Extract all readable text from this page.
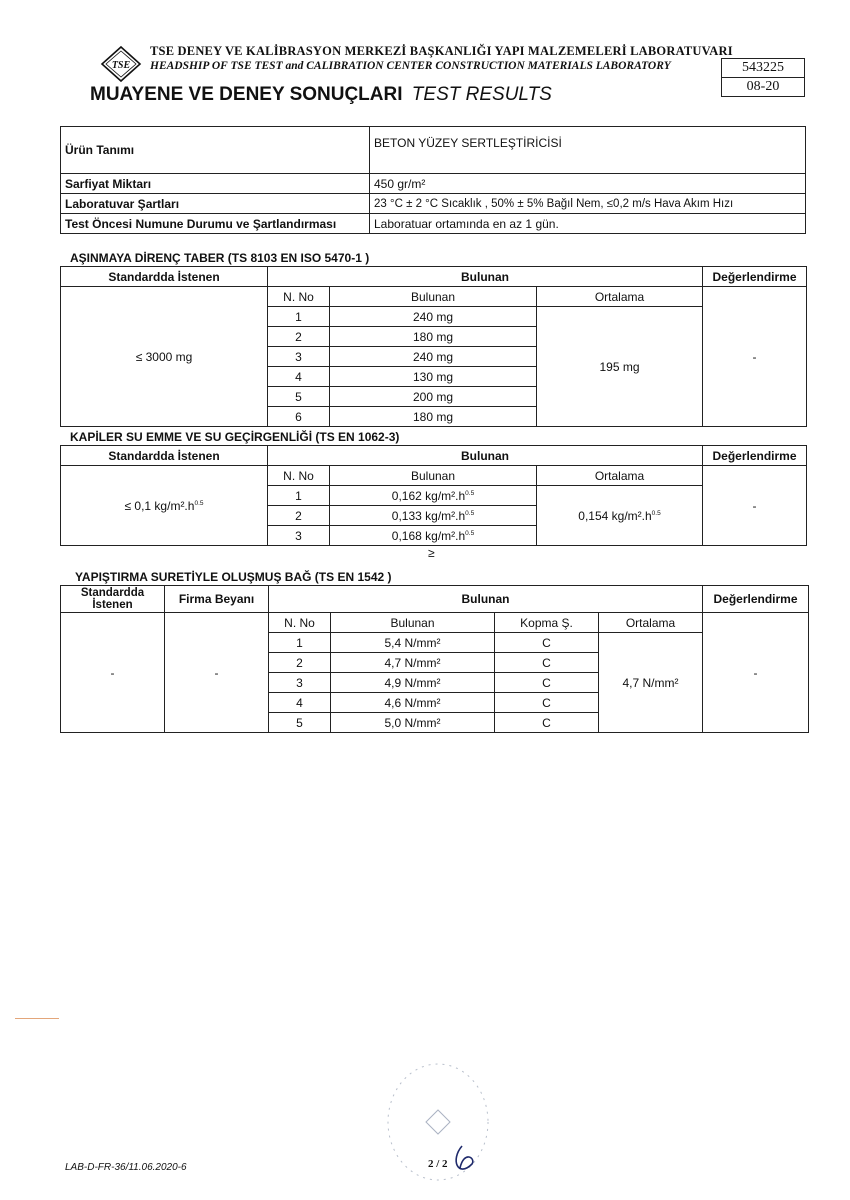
TSE
TSE DENEY VE KALİBRASYON MERKEZİ BAŞKANLIĞI YAPI MALZEMELERİ LABORATUVARI
HEADSHIP OF TSE TEST and CALIBRATION CENTER CONSTRUCTION MATERIALS LABORATORY
MUAYENE VE DENEY SONUÇLARI TEST RESULTS
543225
08-20
Ürün Tanımı	BETON YÜZEY SERTLEŞTİRİCİSİ
Sarfiyat Miktarı	450 gr/m²
Laboratuvar Şartları	23 °C ± 2 °C Sıcaklık , 50% ± 5% Bağıl Nem, ≤0,2 m/s Hava Akım Hızı
Test Öncesi Numune Durumu ve Şartlandırması	Laboratuar ortamında en az 1 gün.
AŞINMAYA DİRENÇ TABER (TS 8103 EN ISO 5470-1 )
Standardda İstenen	Bulunan			Değerlendirme
≤ 3000 mg	N. No	Bulunan	Ortalama	-
	1	240 mg	195 mg	
	2	180 mg		
	3	240 mg		
	4	130 mg		
	5	200 mg		
	6	180 mg		
KAPİLER SU EMME VE SU GEÇİRGENLİĞİ (TS EN 1062-3)
Standardda İstenen	Bulunan			Değerlendirme
≤ 0,1 $kg/m^2.h^{0.5}$	N. No	Bulunan	Ortalama	-
	1	0,162 $kg/m^2.h^{0.5}$	0,154 $kg/m^2.h^{0.5}$
	2	0,133 $kg/m^2.h^{0.5}$
	3	0,168 $kg/m^2.h^{0.5}$
≥
YAPIŞTIRMA SURETİYLE OLUŞMUŞ BAĞ (TS EN 1542 )
Standardda
İstenen	Firma Beyanı	Bulunan				Değerlendirme
-	-	N. No	Bulunan	Kopma Ş.	Ortalama	-
		1	5,4 N/mm²	C	4,7 N/mm²	
		2	4,7 N/mm²	C		
		3	4,9 N/mm²	C		
		4	4,6 N/mm²	C		
		5	5,0 N/mm²	C		
LAB-D-FR-36/11.06.2020-6	2 / 2
